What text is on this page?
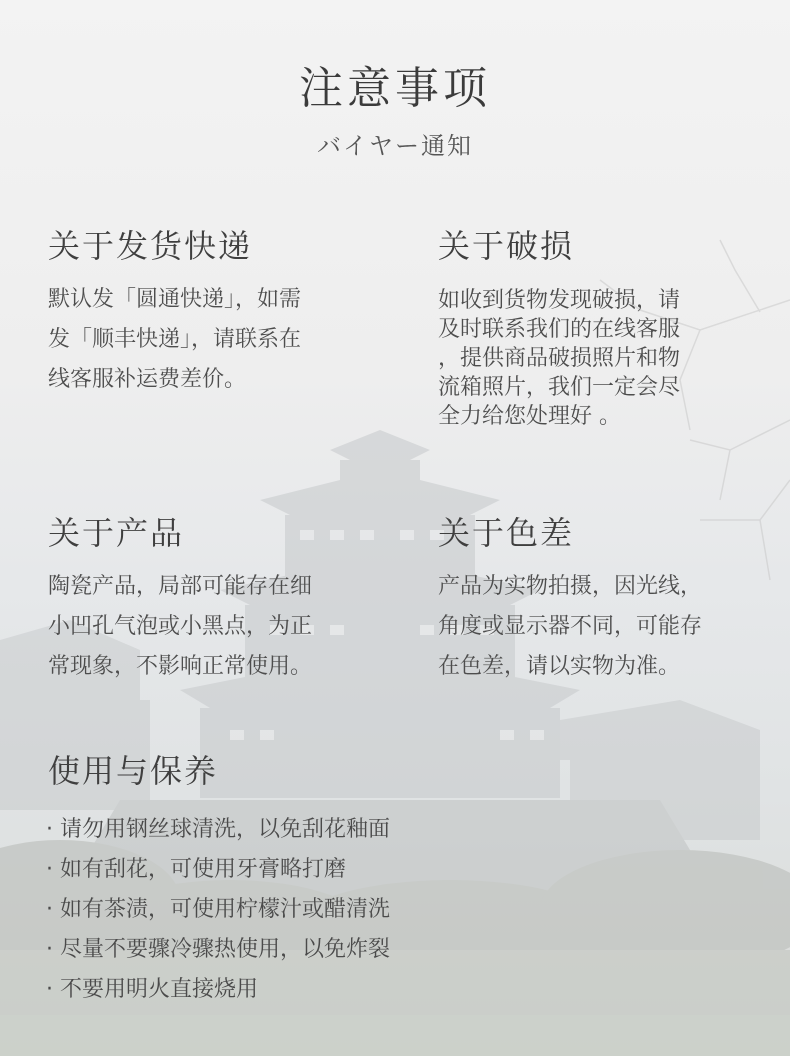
注意事项
バイヤー通知
关于发货快递
默认发「圆通快递」，如需
发「顺丰快递」，请联系在
线客服补运费差价。
关于破损
如收到货物发现破损，请
及时联系我们的在线客服
，提供商品破损照片和物
流箱照片，我们一定会尽
全力给您处理好 。
关于产品
陶瓷产品，局部可能存在细
小凹孔气泡或小黑点，为正
常现象，不影响正常使用。
关于色差
产品为实物拍摄，因光线，
角度或显示器不同，可能存
在色差，请以实物为准。
使用与保养
· 请勿用钢丝球清洗，以免刮花釉面
· 如有刮花，可使用牙膏略打磨
· 如有茶渍，可使用柠檬汁或醋清洗
· 尽量不要骤冷骤热使用，以免炸裂
· 不要用明火直接烧用
